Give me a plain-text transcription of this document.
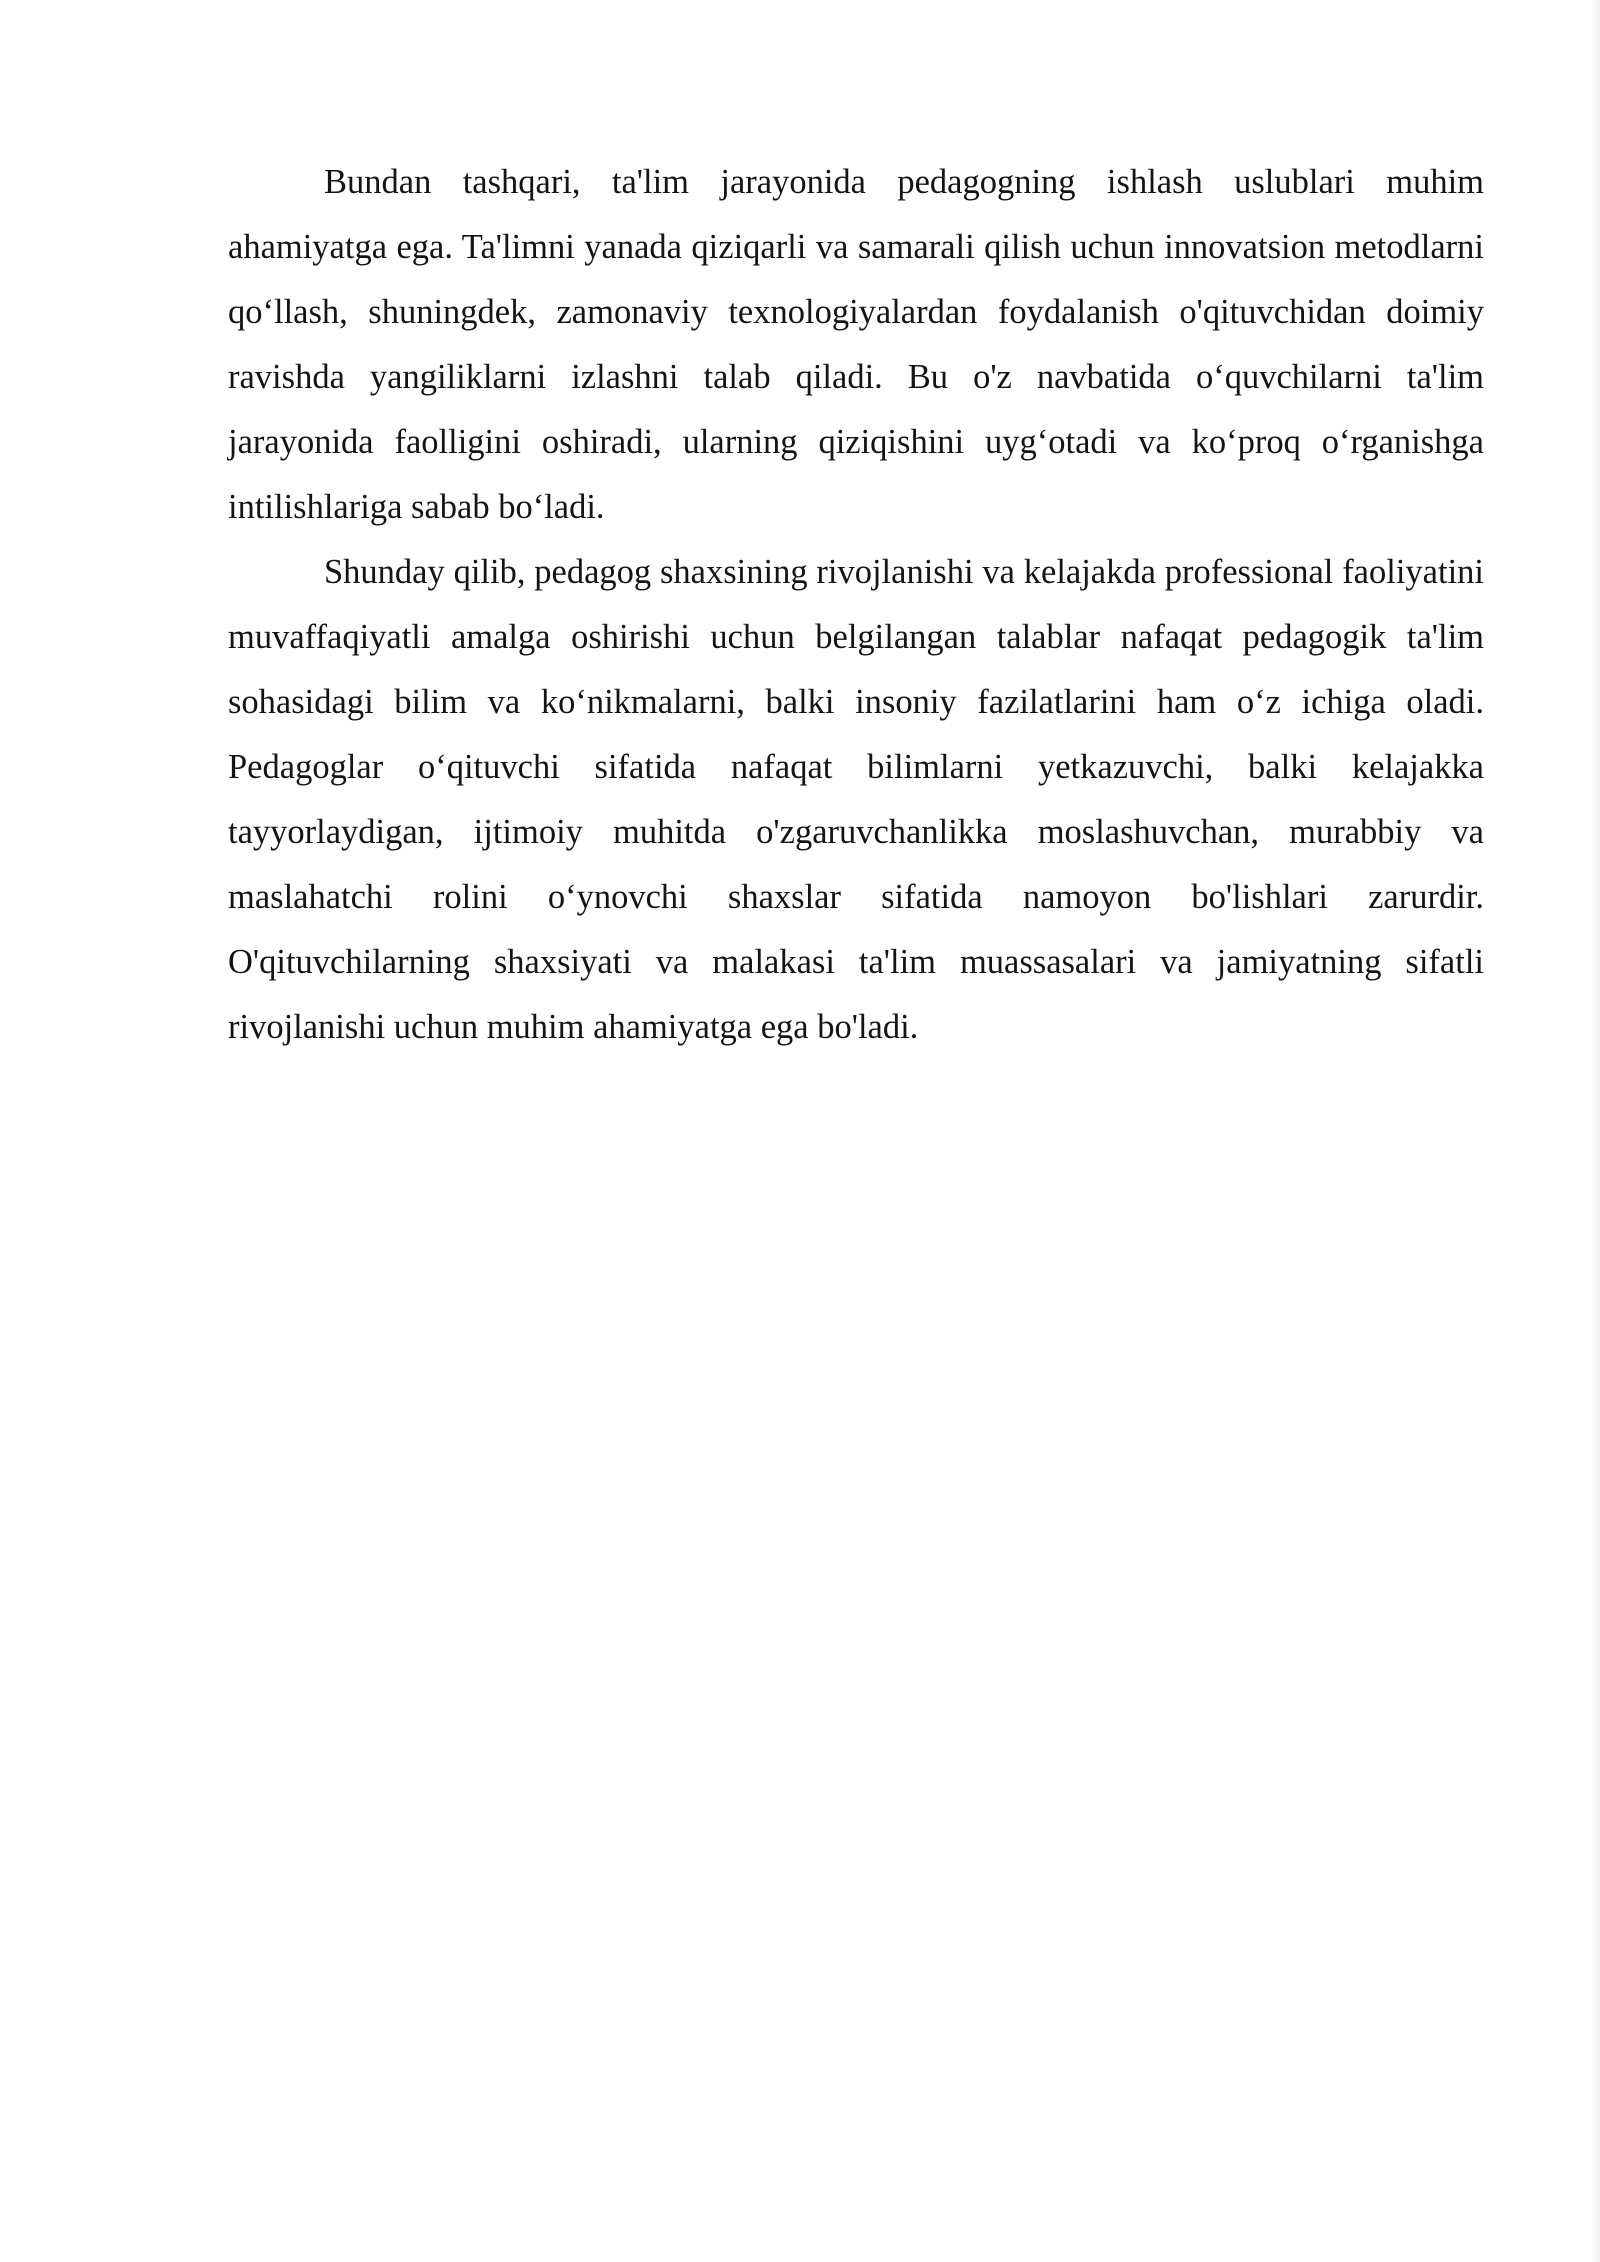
Bundan tashqari, ta'lim jarayonida pedagogning ishlash uslublari muhim ahamiyatga ega. Ta'limni yanada qiziqarli va samarali qilish uchun innovatsion metodlarni qo‘llash, shuningdek, zamonaviy texnologiyalardan foydalanish o'qituvchidan doimiy ravishda yangiliklarni izlashni talab qiladi. Bu o'z navbatida o‘quvchilarni ta'lim jarayonida faolligini oshiradi, ularning qiziqishini uyg‘otadi va ko‘proq o‘rganishga intilishlariga sabab bo‘ladi.

Shunday qilib, pedagog shaxsining rivojlanishi va kelajakda professional faoliyatini muvaffaqiyatli amalga oshirishi uchun belgilangan talablar nafaqat pedagogik ta'lim sohasidagi bilim va ko‘nikmalarni, balki insoniy fazilatlarini ham o‘z ichiga oladi. Pedagoglar o‘qituvchi sifatida nafaqat bilimlarni yetkazuvchi, balki kelajakka tayyorlaydigan, ijtimoiy muhitda o'zgaruvchanlikka moslashuvchan, murabbiy va maslahatchi rolini o‘ynovchi shaxslar sifatida namoyon bo'lishlari zarurdir. O'qituvchilarning shaxsiyati va malakasi ta'lim muassasalari va jamiyatning sifatli rivojlanishi uchun muhim ahamiyatga ega bo'ladi.
